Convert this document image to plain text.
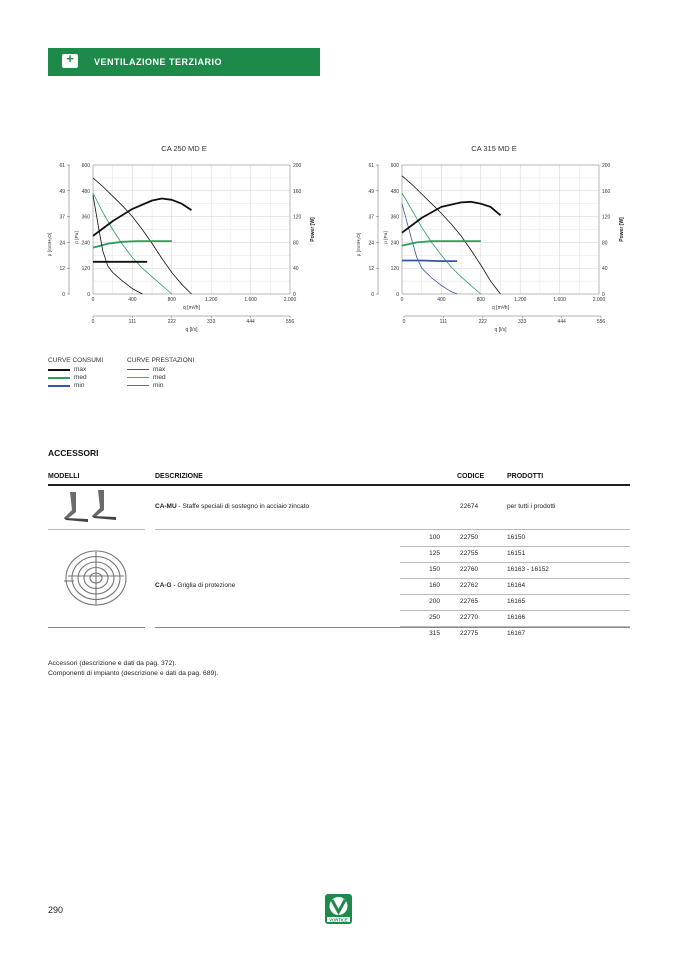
+
VENTILAZIONE TERZIARIO
CA 250 MD E
61	600	200
49	480	160
37	360	120
24	240	80
12	120	40
0	0	0
p [mmH₂O]	p [Pa]	Power [W]
0	400	800	1.200	1.600	2.000
q [m³/h]
0	111	222	333	444	556
q [l/s]
CA 315 MD E
61	600	200
49	480	160
37	360	120
24	240	80
12	120	40
0	0	0
p [mmH₂O]	p [Pa]	Power [W]
0	400	800	1.200	1.600	2.000
q [m³/h]
0	111	222	333	444	556
q [l/s]
CURVE CONSUMI
max
med
min
CURVE PRESTAZIONI
max
med
min
ACCESSORI
MODELLI	DESCRIZIONE	CODICE	PRODOTTI
CA-MU - Staffe speciali di sostegno in acciaio zincato	22674	per tutti i prodotti
CA-G - Griglia di protezione
100	22750	16150
125	22755	16151
150	22760	16163 - 16152
160	22762	16164
200	22765	16165
250	22770	16166
315	22775	16167
Accessori (descrizione e dati da pag. 372).
Componenti di impianto (descrizione e dati da pag. 689).
290
VORTICE
